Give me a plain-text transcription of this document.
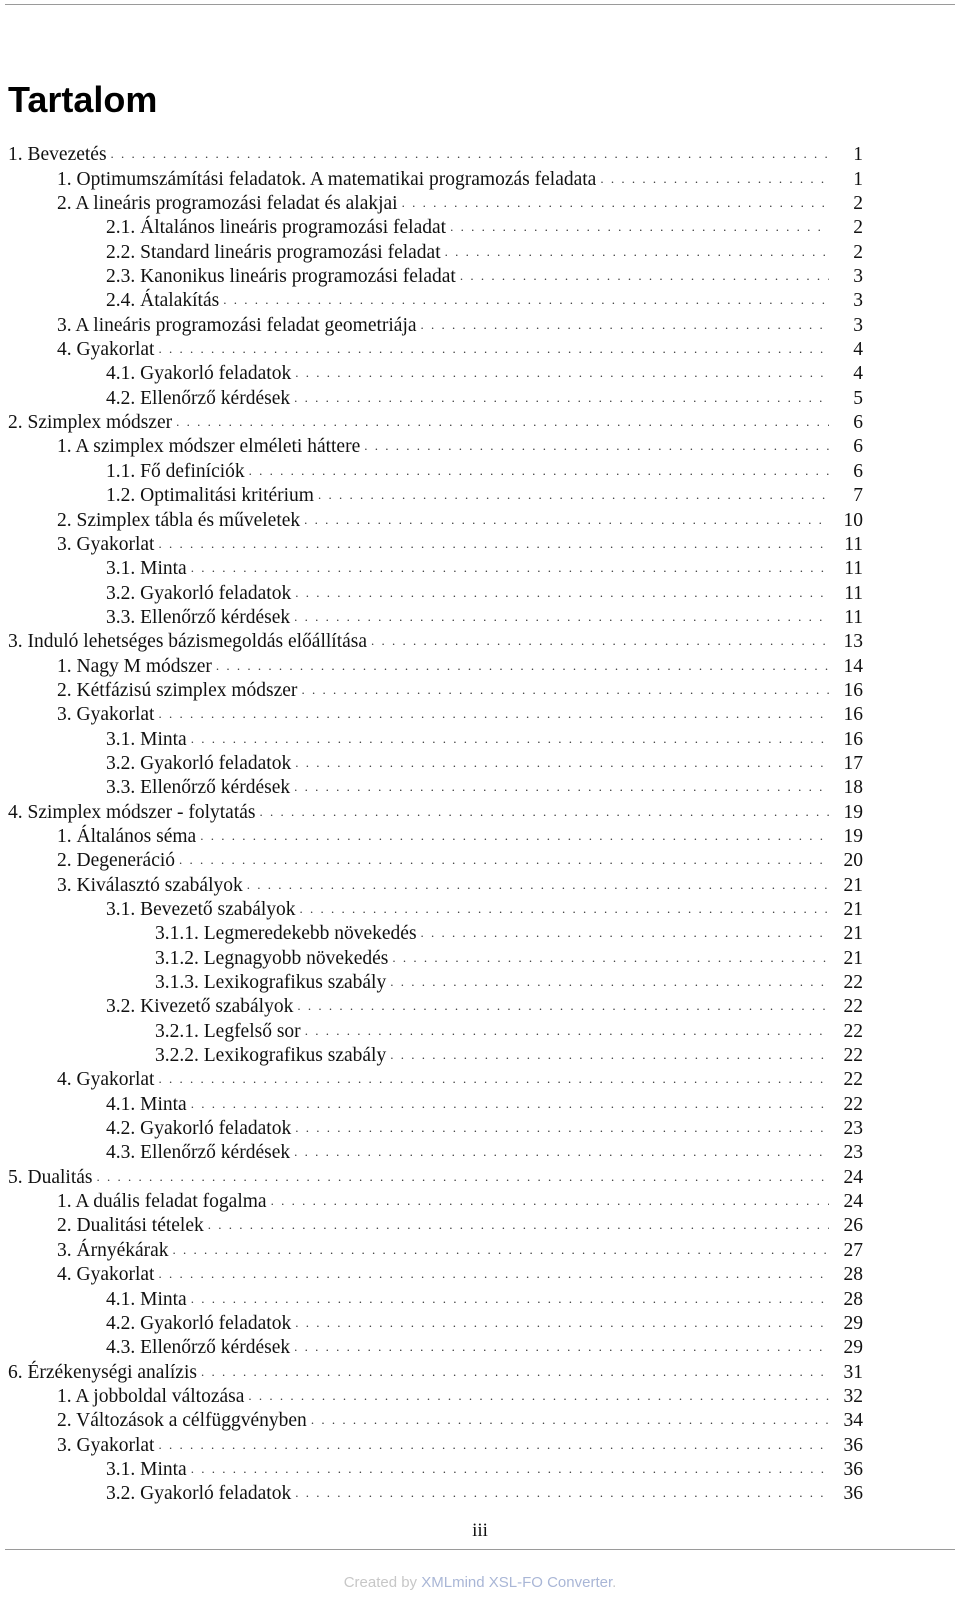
Tartalom
1. Bevezetés . . .	1
1. Optimumszámítási feladatok. A matematikai programozás feladata . . .	1
2. A lineáris programozási feladat és alakjai . . .	2
2.1. Általános lineáris programozási feladat . . .	2
2.2. Standard lineáris programozási feladat . . .	2
2.3. Kanonikus lineáris programozási feladat . . .	3
2.4. Átalakítás . . .	3
3. A lineáris programozási feladat geometriája . . .	3
4. Gyakorlat . . .	4
4.1. Gyakorló feladatok . . .	4
4.2. Ellenőrző kérdések . . .	5
2. Szimplex módszer . . .	6
1. A szimplex módszer elméleti háttere . . .	6
1.1. Fő definíciók . . .	6
1.2. Optimalitási kritérium . . .	7
2. Szimplex tábla és műveletek . . .	10
3. Gyakorlat . . .	11
3.1. Minta . . .	11
3.2. Gyakorló feladatok . . .	11
3.3. Ellenőrző kérdések . . .	11
3. Induló lehetséges bázismegoldás előállítása . . .	13
1. Nagy M módszer . . .	14
2. Kétfázisú szimplex módszer . . .	16
3. Gyakorlat . . .	16
3.1. Minta . . .	16
3.2. Gyakorló feladatok . . .	17
3.3. Ellenőrző kérdések . . .	18
4. Szimplex módszer - folytatás . . .	19
1. Általános séma . . .	19
2. Degeneráció . . .	20
3. Kiválasztó szabályok . . .	21
3.1. Bevezető szabályok . . .	21
3.1.1. Legmeredekebb növekedés . . .	21
3.1.2. Legnagyobb növekedés . . .	21
3.1.3. Lexikografikus szabály . . .	22
3.2. Kivezető szabályok . . .	22
3.2.1. Legfelső sor . . .	22
3.2.2. Lexikografikus szabály . . .	22
4. Gyakorlat . . .	22
4.1. Minta . . .	22
4.2. Gyakorló feladatok . . .	23
4.3. Ellenőrző kérdések . . .	23
5. Dualitás . . .	24
1. A duális feladat fogalma . . .	24
2. Dualitási tételek . . .	26
3. Árnyékárak . . .	27
4. Gyakorlat . . .	28
4.1. Minta . . .	28
4.2. Gyakorló feladatok . . .	29
4.3. Ellenőrző kérdések . . .	29
6. Érzékenységi analízis . . .	31
1. A jobboldal változása . . .	32
2. Változások a célfüggvényben . . .	34
3. Gyakorlat . . .	36
3.1. Minta . . .	36
3.2. Gyakorló feladatok . . .	36
iii
Created by XMLmind XSL-FO Converter.
